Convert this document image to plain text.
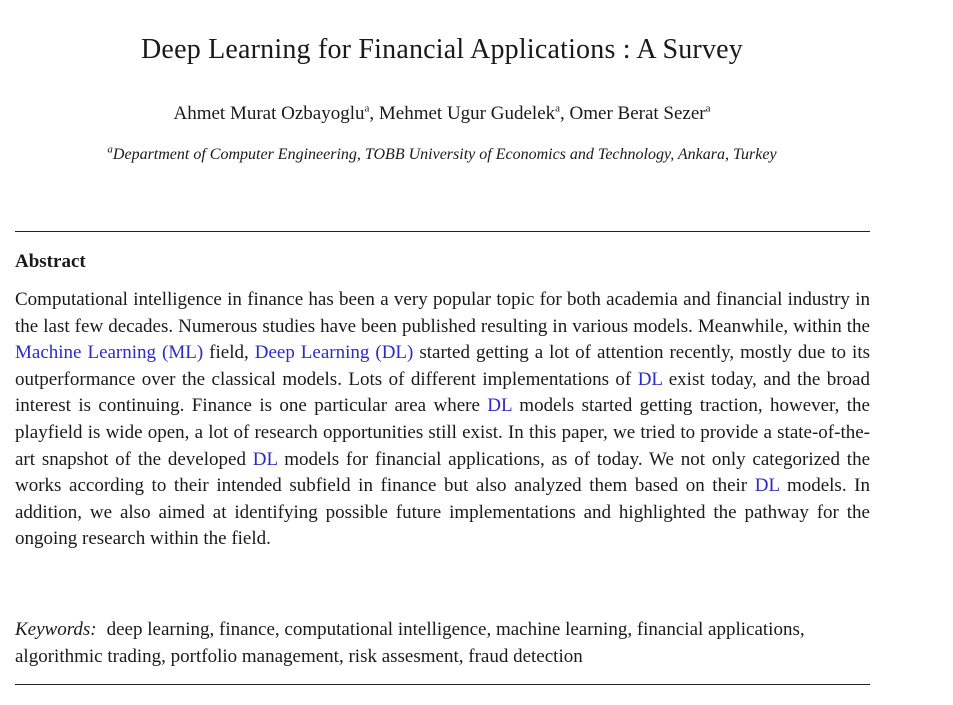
Deep Learning for Financial Applications : A Survey
Ahmet Murat Ozbayoglu$^a$, Mehmet Ugur Gudelek$^a$, Omer Berat Sezer$^a$
$^a$Department of Computer Engineering, TOBB University of Economics and Technology, Ankara, Turkey
Abstract
Computational intelligence in finance has been a very popular topic for both academia and financial industry in the last few decades. Numerous studies have been published resulting in various models. Meanwhile, within the Machine Learning (ML) field, Deep Learning (DL) started getting a lot of attention recently, mostly due to its outperformance over the classical models. Lots of different implementations of DL exist today, and the broad interest is continuing. Finance is one particular area where DL models started getting traction, however, the playfield is wide open, a lot of research opportunities still exist. In this paper, we tried to provide a state-of-the-art snapshot of the developed DL models for financial applications, as of today. We not only categorized the works according to their intended subfield in finance but also analyzed them based on their DL models. In addition, we also aimed at identifying possible future implementations and highlighted the pathway for the ongoing research within the field.
Keywords: deep learning, finance, computational intelligence, machine learning, financial applications, algorithmic trading, portfolio management, risk assesment, fraud detection
